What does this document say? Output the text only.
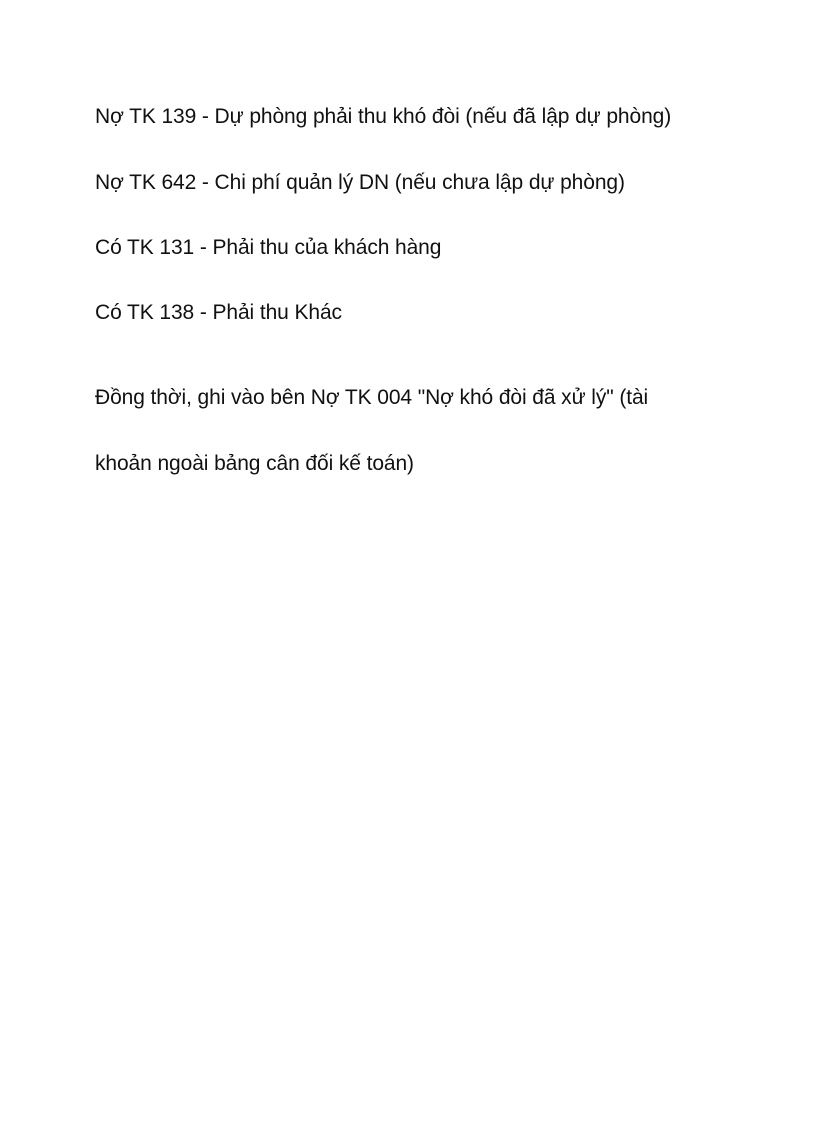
Nợ TK 139 - Dự phòng phải thu khó đòi (nếu đã lập dự phòng)

Nợ TK 642 - Chi phí quản lý DN (nếu chưa lập dự phòng)

Có TK 131 - Phải thu của khách hàng

Có TK 138 - Phải thu Khác

Đồng thời, ghi vào bên Nợ TK 004 "Nợ khó đòi đã xử lý" (tài

khoản ngoài bảng cân đối kế toán)
